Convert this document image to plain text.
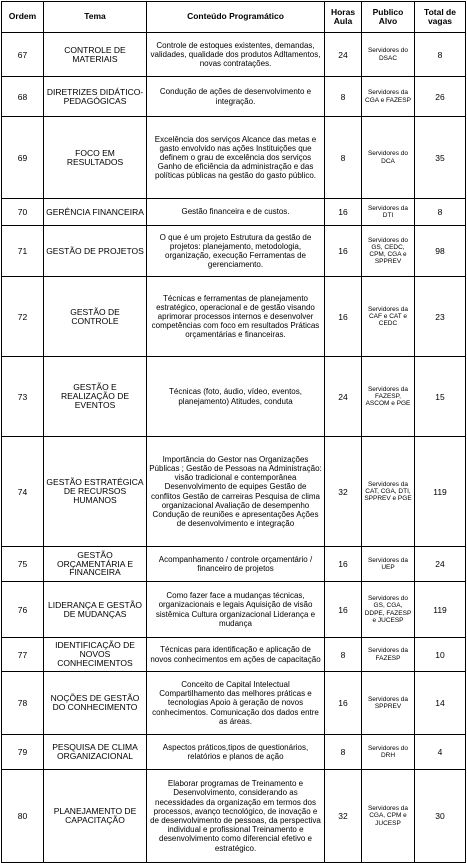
Ordem	Tema	Conteúdo Programático	Horas Aula	Publico Alvo	Total de vagas
67	CONTROLE DE MATERIAIS	Controle de estoques existentes, demandas, validades, qualidade dos produtos Adltamentos, novas contratações.	24	Servidores do DSAC	8
68	DIRETRIZES DIDÁTICO-PEDAGÓGICAS	Condução de ações de desenvolvimento e integração.	8	Servidores da CGA e FAZESP	26
69	FOCO EM RESULTADOS	Excelência dos serviços Alcance das metas e gasto envolvido nas ações Instituições que definem o grau de excelência dos serviços Ganho de eficiência da administração e das políticas públicas na gestão do gasto público.	8	Servidores do DCA	35
70	GERÊNCIA FINANCEIRA	Gestão financeira e de custos.	16	Servidores da DTI	8
71	GESTÃO DE PROJETOS	O que é um projeto Estrutura da gestão de projetos: planejamento, metodologia, organização, execução Ferramentas de gerenciamento.	16	Servidores do GS, CEDC, CPM, CGA e SPPREV	98
72	GESTÃO DE CONTROLE	Técnicas e ferramentas de planejamento estratégico, operacional e de gestão visando aprimorar processos internos e desenvolver competências com foco em resultados Práticas orçamentárias e financeiras.	16	Servidores da CAF e CAT e CEDC	23
73	GESTÃO E REALIZAÇÃO DE EVENTOS	Técnicas (foto, áudio, vídeo, eventos, planejamento) Atitudes, conduta	24	Servidores da FAZESP, ASCOM e PGE	15
74	GESTÃO ESTRATÉGICA DE RECURSOS HUMANOS	Importância do Gestor nas Organizações Públicas ; Gestão de Pessoas na Administração: visão tradicional e contemporânea Desenvolvimento de equipes Gestão de conflitos Gestão de carreiras Pesquisa de clima organizacional Avaliação de desempenho Condução de reuniões e apresentações Ações de desenvolvimento e integração	32	Servidores da CAT, CGA, DTI, SPPREV e PGE	119
75	GESTÃO ORÇAMENTÁRIA E FINANCEIRA	Acompanhamento / controle orçamentário / financeiro de projetos	16	Servidores da UEP	24
76	LIDERANÇA E GESTÃO DE MUDANÇAS	Como fazer face a mudanças técnicas, organizacionais e legais Aquisição de visão sistêmica Cultura organizacional Liderança e mudança	16	Servidores do GS, CGA, DDPE, FAZESP e JUCESP	119
77	IDENTIFICAÇÃO DE NOVOS CONHECIMENTOS	Técnicas para identificação e aplicação de novos conhecimentos em ações de capacitação	8	Servidores da FAZESP	10
78	NOÇÕES DE GESTÃO DO CONHECIMENTO	Conceito de Capital Intelectual Compartilhamento das melhores práticas e tecnologias Apoio à geração de novos conhecimentos. Comunicação dos dados entre as áreas.	16	Servidores da SPPREV	14
79	PESQUISA DE CLIMA ORGANIZACIONAL	Aspectos práticos,tipos de questionários, relatórios e planos de ação	8	Servidores do DRH	4
80	PLANEJAMENTO DE CAPACITAÇÃO	Elaborar programas de Treinamento e Desenvolvimento, considerando as necessidades da organização em termos dos processos, avanço tecnológico, de inovação e de desenvolvimento de pessoas, da perspectiva individual e profissional Treinamento e desenvolvimento como diferencial efetivo e estratégico.	32	Servidores da CGA, CPM e JUCESP	30
